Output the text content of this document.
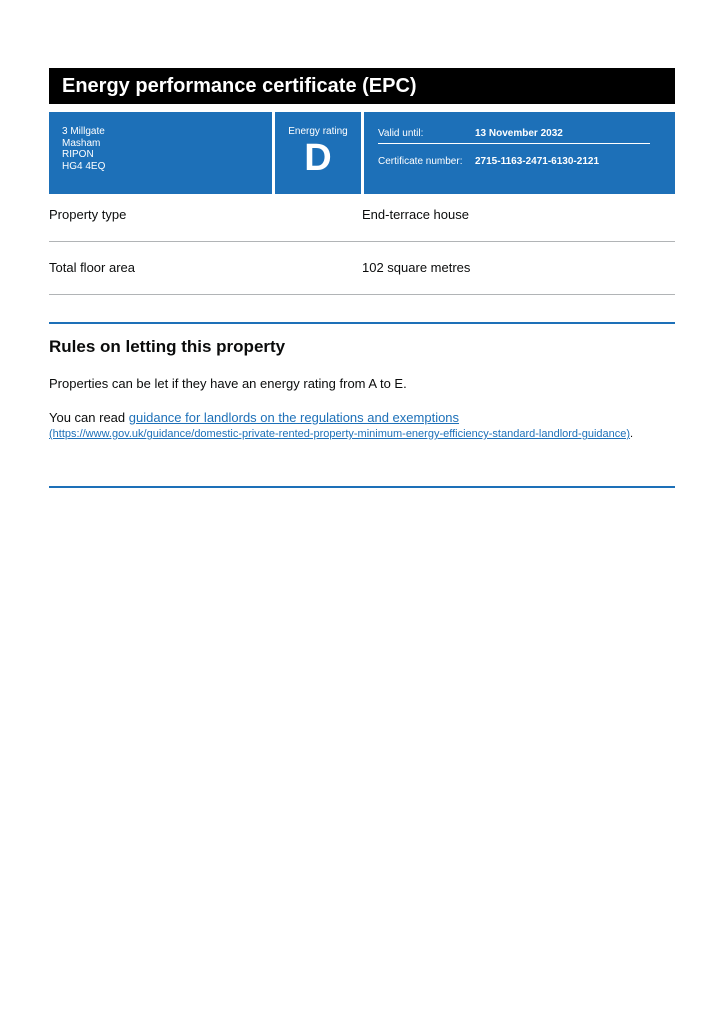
Energy performance certificate (EPC)
3 Millgate
Masham
RIPON
HG4 4EQ
Energy rating
D
Valid until:	13 November 2032
Certificate number:	2715-1163-2471-6130-2121
Property type	End-terrace house
Total floor area	102 square metres
Rules on letting this property

Properties can be let if they have an energy rating from A to E.

You can read guidance for landlords on the regulations and exemptions
(https://www.gov.uk/guidance/domestic-private-rented-property-minimum-energy-efficiency-standard-landlord-guidance).
